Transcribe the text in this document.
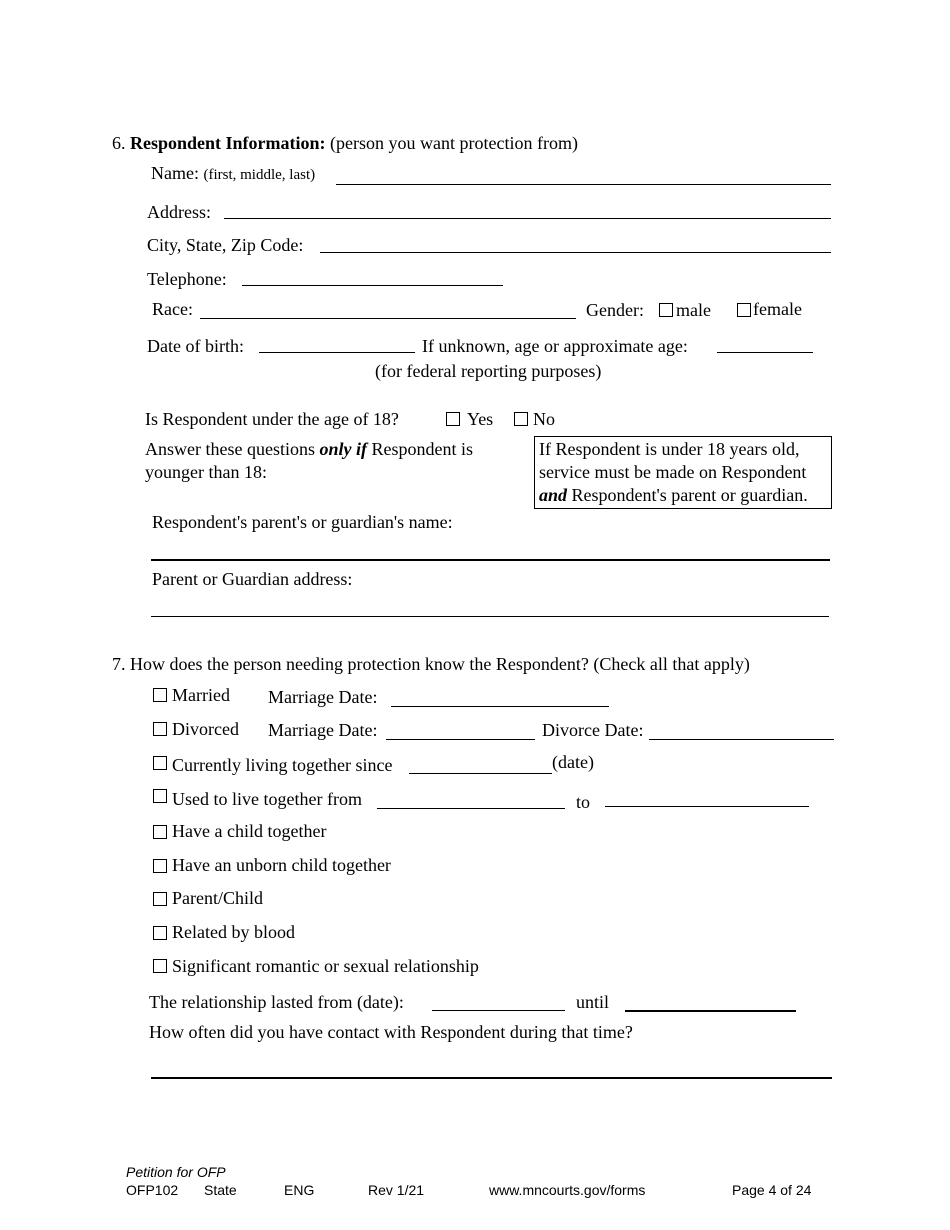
6. Respondent Information: (person you want protection from)
Name: (first, middle, last)
Address:
City, State, Zip Code:
Telephone:
Race:	Gender: male female
Date of birth:	If unknown, age or approximate age:
(for federal reporting purposes)
Is Respondent under the age of 18?	Yes No
Answer these questions only if Respondent is
younger than 18:
If Respondent is under 18 years old,
service must be made on Respondent
and Respondent's parent or guardian.
Respondent's parent's or guardian's name:
Parent or Guardian address:
7. How does the person needing protection know the Respondent? (Check all that apply)
Married Marriage Date:
Divorced Marriage Date:	Divorce Date:
Currently living together since	(date)
Used to live together from	to
Have a child together
Have an unborn child together
Parent/Child
Related by blood
Significant romantic or sexual relationship
The relationship lasted from (date):	until
How often did you have contact with Respondent during that time?
Petition for OFP
OFP102 State	ENG	Rev 1/21	www.mncourts.gov/forms	Page 4 of 24
